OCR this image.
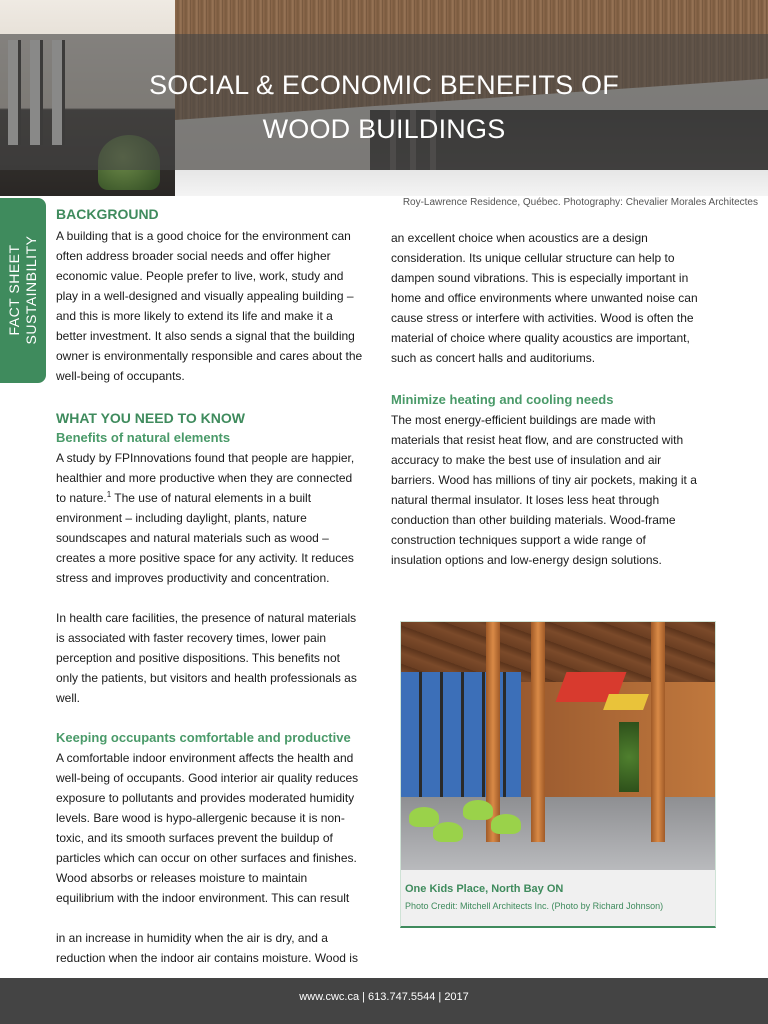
SOCIAL & ECONOMIC BENEFITS OF
WOOD BUILDINGS
Roy-Lawrence Residence, Québec. Photography: Chevalier Morales Architectes
FACT SHEET SUSTAINBILITY
BACKGROUND

A building that is a good choice for the environment can

often address broader social needs and offer higher

economic value. People prefer to live, work, study and

play in a well-designed and visually appealing building –

and this is more likely to extend its life and make it a

better investment. It also sends a signal that the building

owner is environmentally responsible and cares about the

well-being of occupants.

WHAT YOU NEED TO KNOW
Benefits of natural elements

A study by FPInnovations found that people are happier,

healthier and more productive when they are connected

to nature.$^1$ The use of natural elements in a built

environment – including daylight, plants, nature

soundscapes and natural materials such as wood –

creates a more positive space for any activity. It reduces

stress and improves productivity and concentration.

In health care facilities, the presence of natural materials

is associated with faster recovery times, lower pain

perception and positive dispositions. This benefits not

only the patients, but visitors and health professionals as

well.

Keeping occupants comfortable and productive

A comfortable indoor environment affects the health and

well-being of occupants. Good interior air quality reduces

exposure to pollutants and provides moderated humidity

levels. Bare wood is hypo-allergenic because it is non-

toxic, and its smooth surfaces prevent the buildup of

particles which can occur on other surfaces and finishes.

Wood absorbs or releases moisture to maintain

equilibrium with the indoor environment. This can result

in an increase in humidity when the air is dry, and a

reduction when the indoor air contains moisture. Wood is

an excellent choice when acoustics are a design

consideration. Its unique cellular structure can help to

dampen sound vibrations. This is especially important in

home and office environments where unwanted noise can

cause stress or interfere with activities. Wood is often the

material of choice where quality acoustics are important,

such as concert halls and auditoriums.

Minimize heating and cooling needs

The most energy-efficient buildings are made with

materials that resist heat flow, and are constructed with

accuracy to make the best use of insulation and air

barriers. Wood has millions of tiny air pockets, making it a

natural thermal insulator. It loses less heat through

conduction than other building materials. Wood-frame

construction techniques support a wide range of

insulation options and low-energy design solutions.

One Kids Place, North Bay ON
Photo Credit: Mitchell Architects Inc. (Photo by Richard Johnson)
www.cwc.ca | 613.747.5544 | 2017
